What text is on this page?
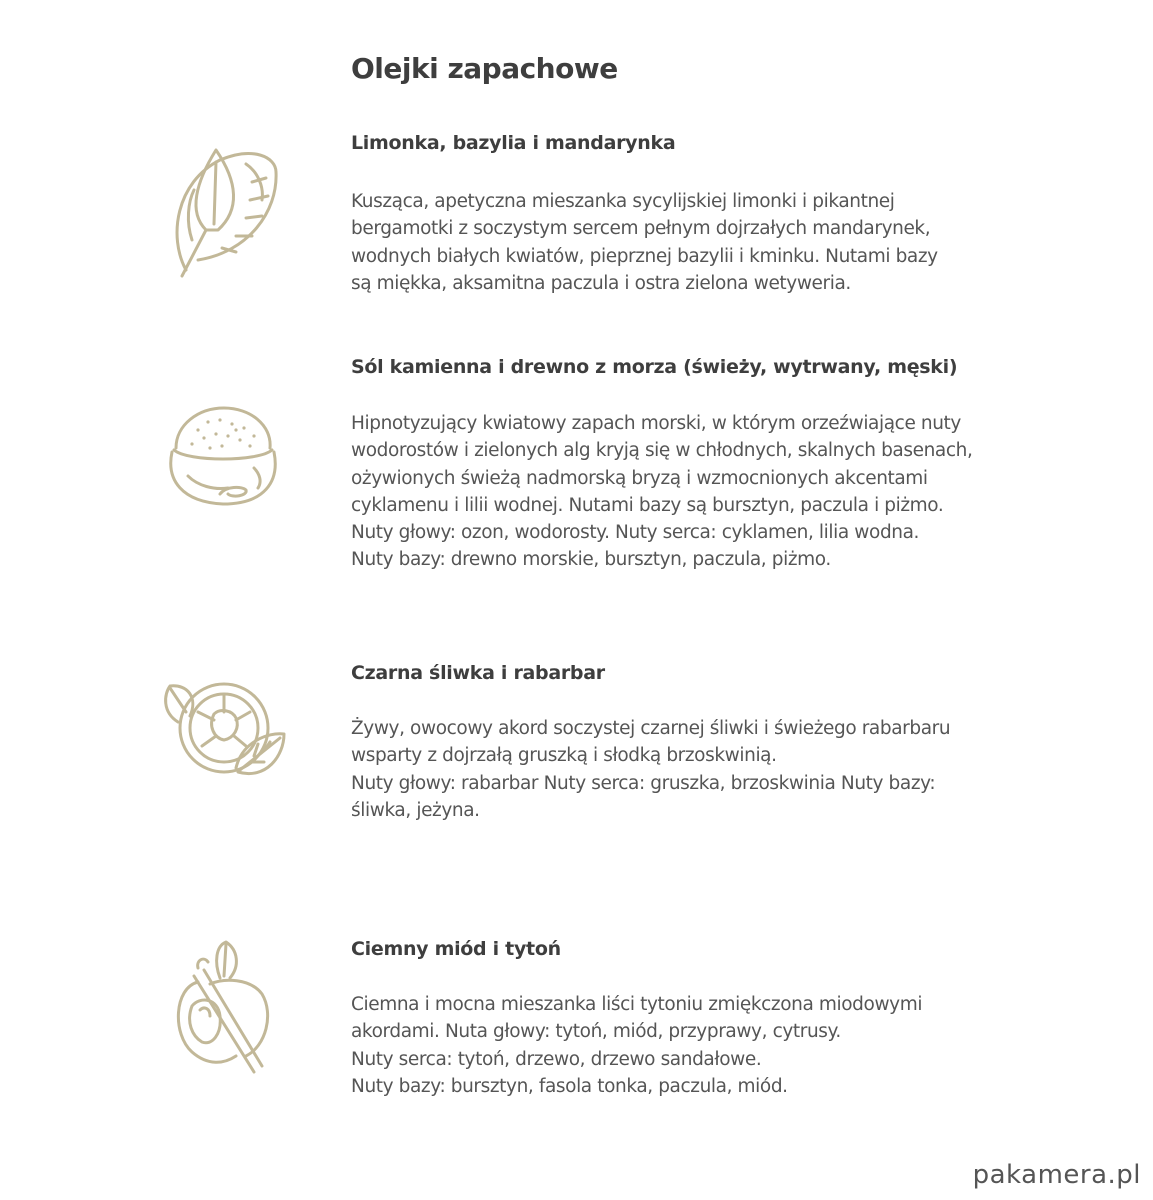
Olejki zapachowe
Limonka, bazylia i mandarynka
Kusząca, apetyczna mieszanka sycylijskiej limonki i pikantnej
bergamotki z soczystym sercem pełnym dojrzałych mandarynek,
wodnych białych kwiatów, pieprznej bazylii i kminku. Nutami bazy
są miękka, aksamitna paczula i ostra zielona wetyweria.
Sól kamienna i drewno z morza (świeży, wytrwany, męski)
Hipnotyzujący kwiatowy zapach morski, w którym orzeźwiające nuty
wodorostów i zielonych alg kryją się w chłodnych, skalnych basenach,
ożywionych świeżą nadmorską bryzą i wzmocnionych akcentami
cyklamenu i lilii wodnej. Nutami bazy są bursztyn, paczula i piżmo.
Nuty głowy: ozon, wodorosty. Nuty serca: cyklamen, lilia wodna.
Nuty bazy: drewno morskie, bursztyn, paczula, piżmo.
Czarna śliwka i rabarbar
Żywy, owocowy akord soczystej czarnej śliwki i świeżego rabarbaru
wsparty z dojrzałą gruszką i słodką brzoskwinią.
Nuty głowy: rabarbar Nuty serca: gruszka, brzoskwinia Nuty bazy:
śliwka, jeżyna.
Ciemny miód i tytoń
Ciemna i mocna mieszanka liści tytoniu zmiękczona miodowymi
akordami. Nuta głowy: tytoń, miód, przyprawy, cytrusy.
Nuty serca: tytoń, drzewo, drzewo sandałowe.
Nuty bazy: bursztyn, fasola tonka, paczula, miód.
pakamera.pl
